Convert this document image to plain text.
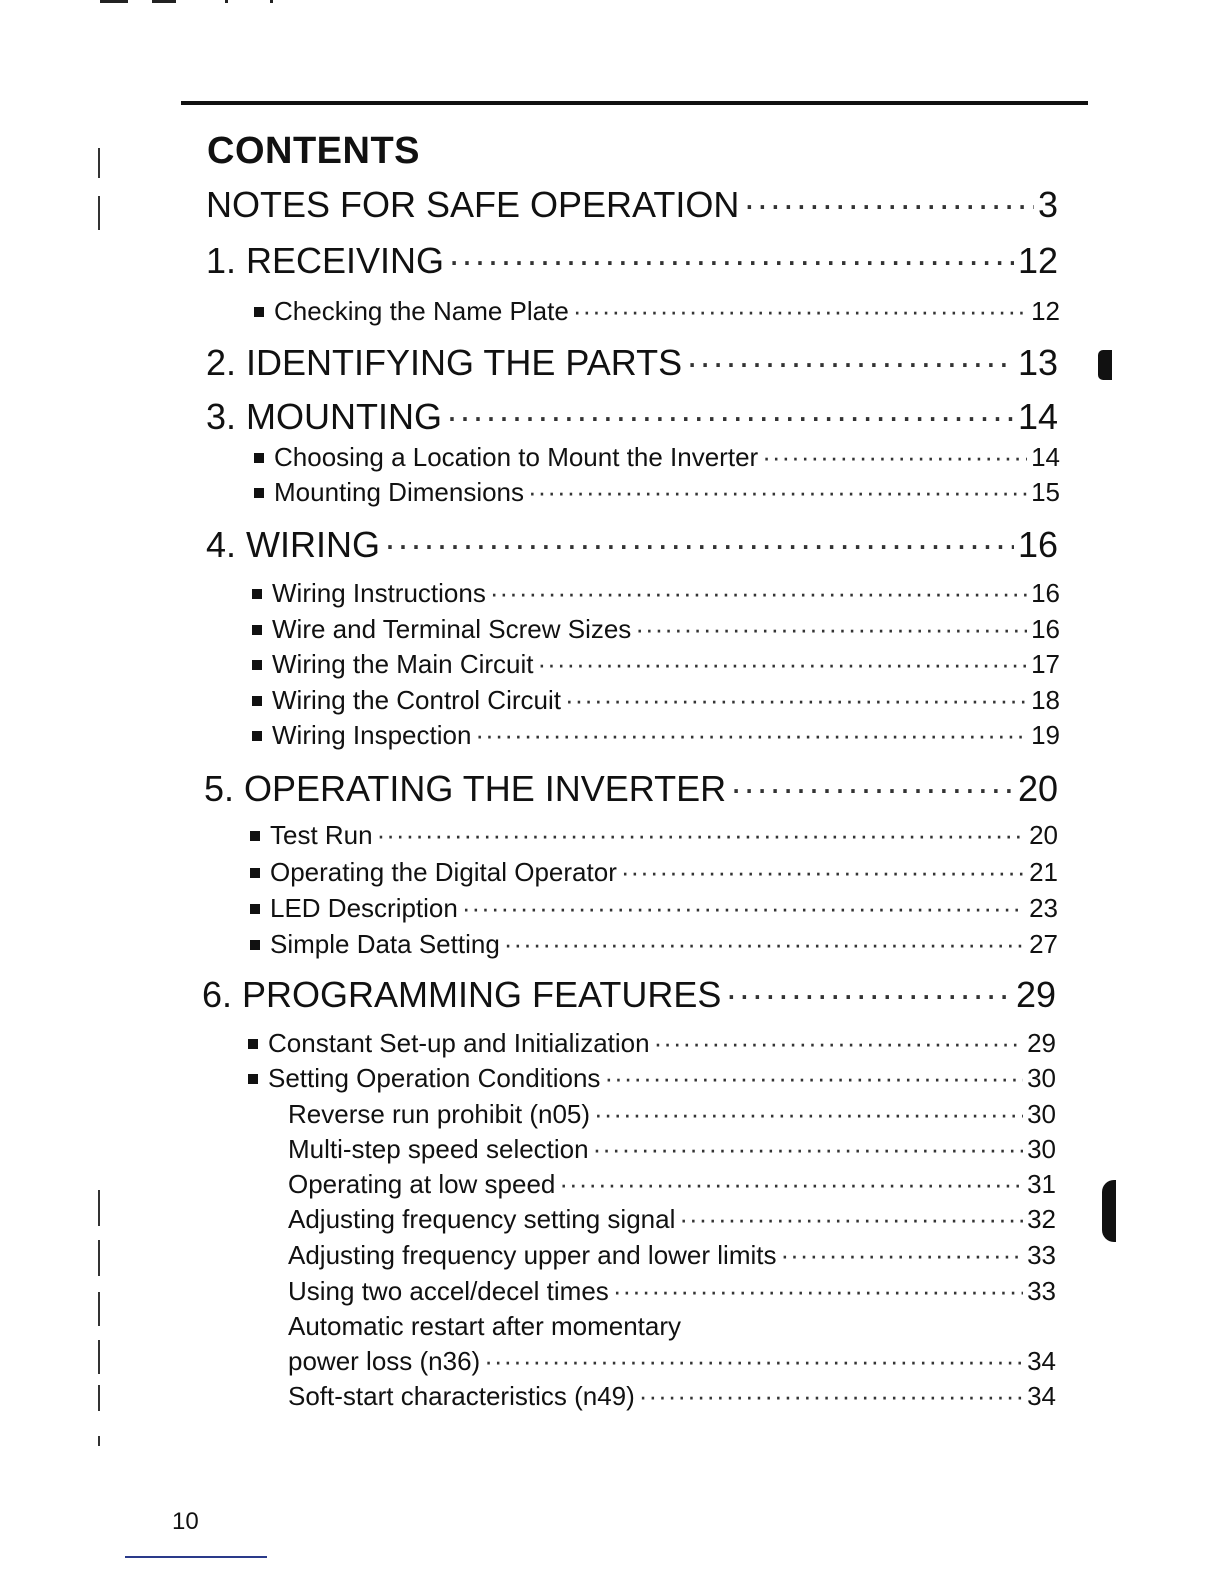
CONTENTS
NOTES FOR SAFE OPERATION ·····	3
1. RECEIVING ·····	12
Checking the Name Plate ·····	12
2. IDENTIFYING THE PARTS ·····	13
3. MOUNTING ·····	14
Choosing a Location to Mount the Inverter ·····	14
Mounting Dimensions ·····	15
4. WIRING ·····	16
Wiring Instructions ·····	16
Wire and Terminal Screw Sizes ·····	16
Wiring the Main Circuit ·····	17
Wiring the Control Circuit ·····	18
Wiring Inspection ·····	19
5. OPERATING THE INVERTER ·····	20
Test Run ·····	20
Operating the Digital Operator ·····	21
LED Description ·····	23
Simple Data Setting ·····	27
6. PROGRAMMING FEATURES ·····	29
Constant Set-up and Initialization ·····	29
Setting Operation Conditions ·····	30
Reverse run prohibit (n05) ·····	30
Multi-step speed selection ·····	30
Operating at low speed ·····	31
Adjusting frequency setting signal ·····	32
Adjusting frequency upper and lower limits ·····	33
Using two accel/decel times ·····	33
Automatic restart after momentary
power loss (n36) ·····	34
Soft-start characteristics (n49) ·····	34
10
